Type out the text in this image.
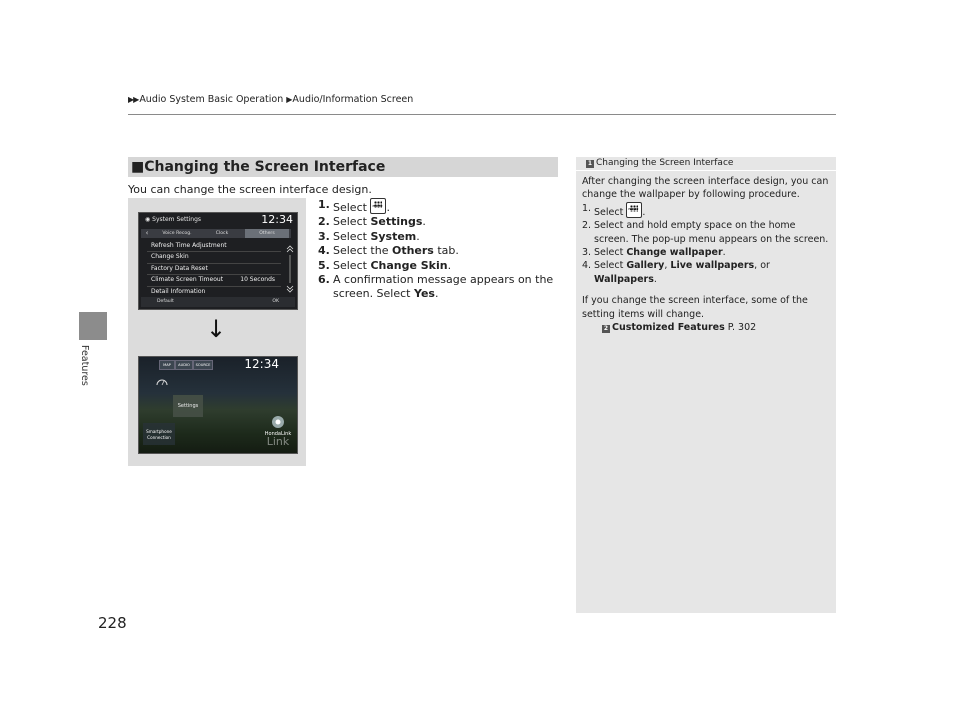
▶▶Audio System Basic Operation ▶Audio/Information Screen
Features
228
■Changing the Screen Interface
You can change the screen interface design.
1. Select HOME.
2. Select Settings.
3. Select System.
4. Select the Others tab.
5. Select Change Skin.
6. A confirmation message appears on the screen. Select Yes.
◉ System Settings	12:34
‹	Voice Recog.	Clock	Others
Refresh Time Adjustment
Change Skin
Factory Data Reset
Climate Screen Timeout	10 Seconds
Detail Information
Default	OK
↓
MAP	AUDIO	SOURCE	12:34
Settings
Smartphone
Connection
HondaLink
Link
1 Changing the Screen Interface
After changing the screen interface design, you can change the wallpaper by following procedure.
1. Select HOME.
2. Select and hold empty space on the home screen. The pop-up menu appears on the screen.
3. Select Change wallpaper.
4. Select Gallery, Live wallpapers, or Wallpapers.
If you change the screen interface, some of the setting items will change.
2 Customized Features P. 302
